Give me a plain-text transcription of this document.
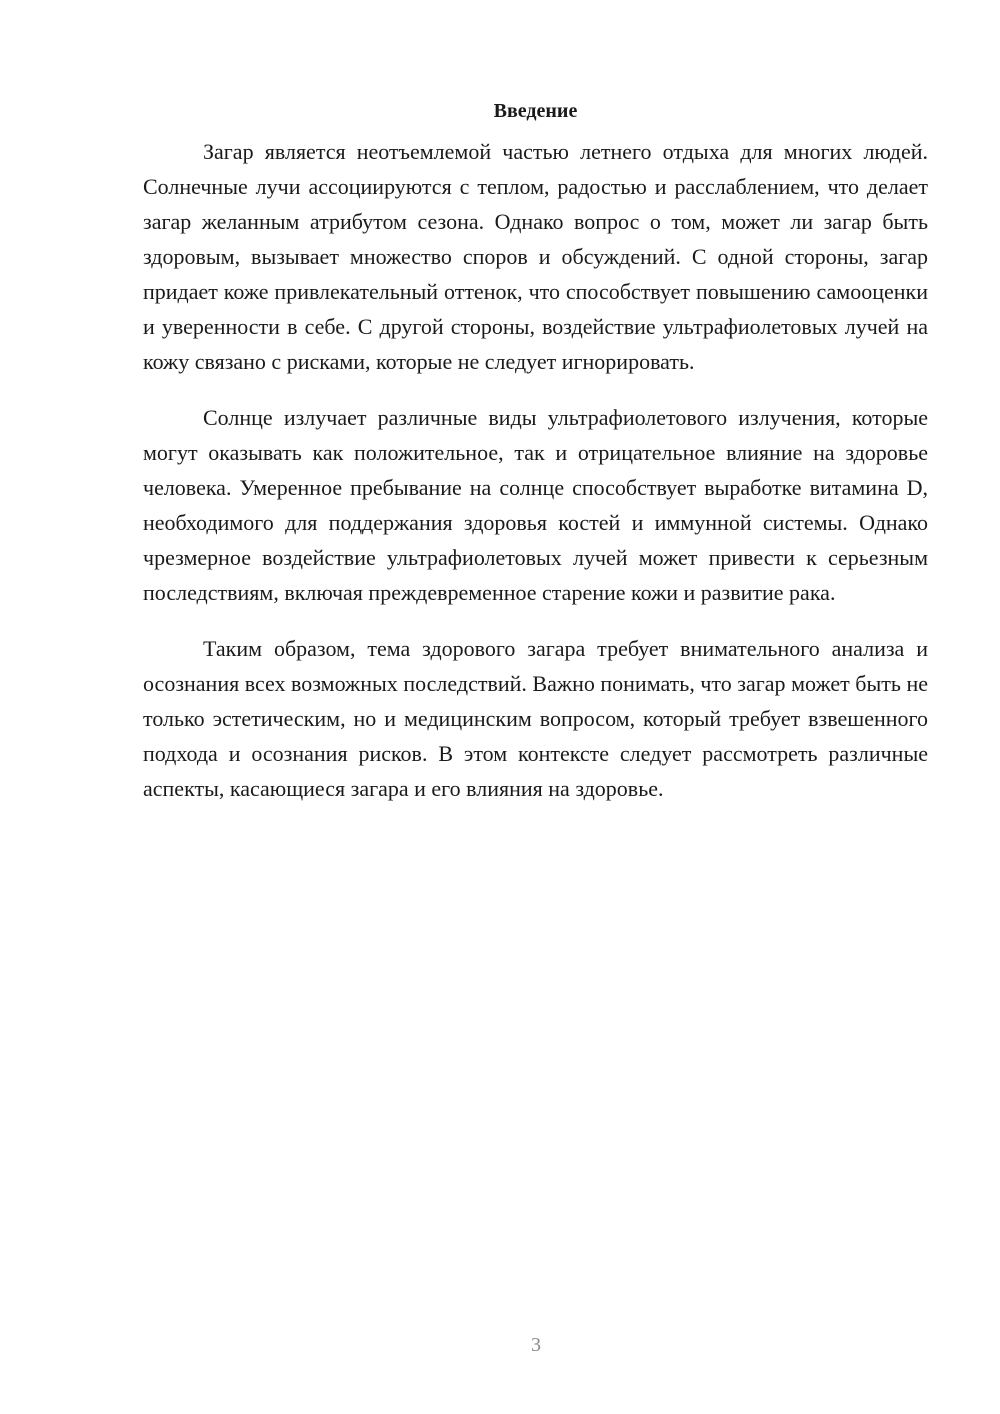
Введение

Загар является неотъемлемой частью летнего отдыха для многих людей. Солнечные лучи ассоциируются с теплом, радостью и расслаблением, что делает загар желанным атрибутом сезона. Однако вопрос о том, может ли загар быть здоровым, вызывает множество споров и обсуждений. С одной стороны, загар придает коже привлекательный оттенок, что способствует повышению самооценки и уверенности в себе. С другой стороны, воздействие ультрафиолетовых лучей на кожу связано с рисками, которые не следует игнорировать.

Солнце излучает различные виды ультрафиолетового излучения, которые могут оказывать как положительное, так и отрицательное влияние на здоровье человека. Умеренное пребывание на солнце способствует выработке витамина D, необходимого для поддержания здоровья костей и иммунной системы. Однако чрезмерное воздействие ультрафиолетовых лучей может привести к серьезным последствиям, включая преждевременное старение кожи и развитие рака.

Таким образом, тема здорового загара требует внимательного анализа и осознания всех возможных последствий. Важно понимать, что загар может быть не только эстетическим, но и медицинским вопросом, который требует взвешенного подхода и осознания рисков. В этом контексте следует рассмотреть различные аспекты, касающиеся загара и его влияния на здоровье.

3
